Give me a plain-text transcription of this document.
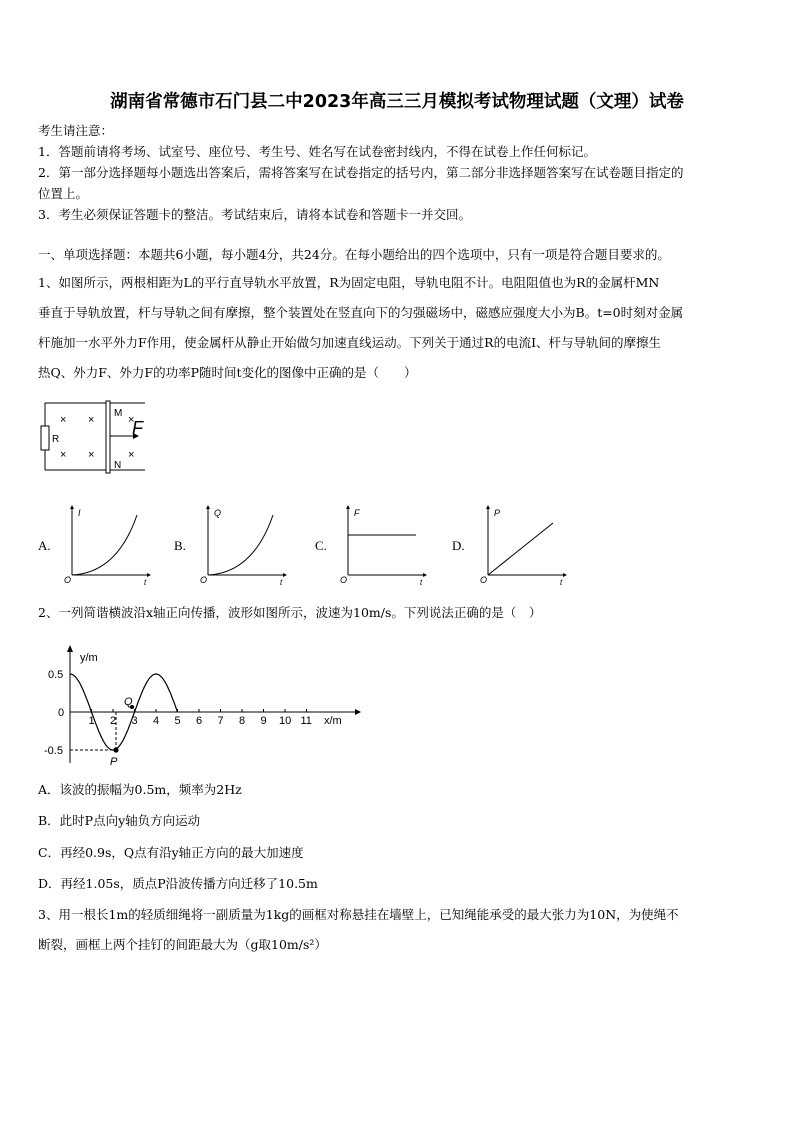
湖南省常德市石门县二中2023年高三三月模拟考试物理试题（文理）试卷
考生请注意：
1．答题前请将考场、试室号、座位号、考生号、姓名写在试卷密封线内，不得在试卷上作任何标记。
2．第一部分选择题每小题选出答案后，需将答案写在试卷指定的括号内，第二部分非选择题答案写在试卷题目指定的
位置上。
3．考生必须保证答题卡的整洁。考试结束后，请将本试卷和答题卡一并交回。
一、单项选择题：本题共6小题，每小题4分，共24分。在每小题给出的四个选项中，只有一项是符合题目要求的。
1、如图所示，两根相距为L的平行直导轨水平放置，R为固定电阻，导轨电阻不计。电阻阻值也为R的金属杆MN
垂直于导轨放置，杆与导轨之间有摩擦，整个装置处在竖直向下的匀强磁场中，磁感应强度大小为B。t=0时刻对金属
杆施加一水平外力F作用，使金属杆从静止开始做匀加速直线运动。下列关于通过R的电流I、杆与导轨间的摩擦生
热Q、外力F、外力F的功率P随时间t变化的图像中正确的是（　　）
R
× ×
× ×
×
×
M
N
F
A.
I
t
O
B.
Q
t
O
C.
F
t
O
D.
P
t
O
2、一列简谐横波沿x轴正向传播，波形如图所示，波速为10m/s。下列说法正确的是（　）
y/m
x/m
0.5
0
-0.5
1 2 3 4 5 6 7 8 9 10 11
P
Q
A．该波的振幅为0.5m，频率为2Hz
B．此时P点向y轴负方向运动
C．再经0.9s，Q点有沿y轴正方向的最大加速度
D．再经1.05s，质点P沿波传播方向迁移了10.5m
3、用一根长1m的轻质细绳将一副质量为1kg的画框对称悬挂在墙壁上，已知绳能承受的最大张力为10N，为使绳不
断裂，画框上两个挂钉的间距最大为（g取10m/s²）
